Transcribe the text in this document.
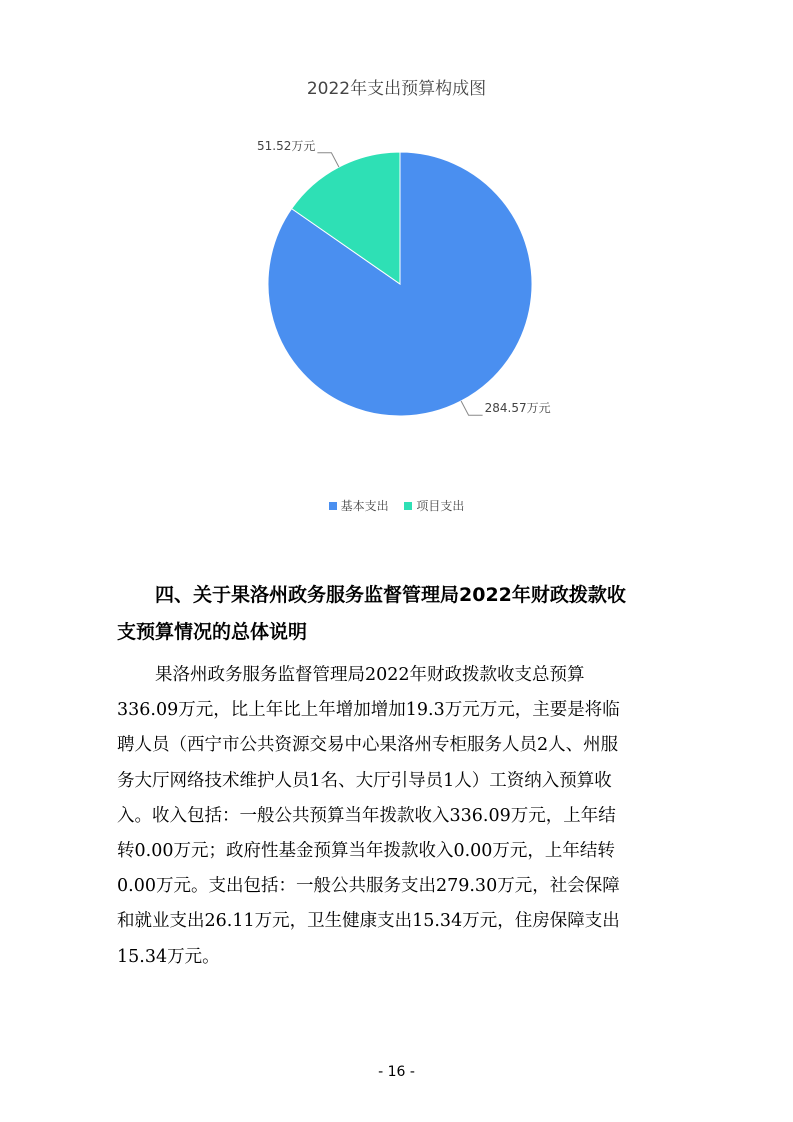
2022年支出预算构成图
284.57万元
51.52万元
基本支出 项目支出
四、关于果洛州政务服务监督管理局2022年财政拨款收
支预算情况的总体说明
果洛州政务服务监督管理局2022年财政拨款收支总预算
336.09万元，比上年比上年增加增加19.3万元万元，主要是将临
聘人员（西宁市公共资源交易中心果洛州专柜服务人员2人、州服
务大厅网络技术维护人员1名、大厅引导员1人）工资纳入预算收
入。收入包括：一般公共预算当年拨款收入336.09万元，上年结
转0.00万元；政府性基金预算当年拨款收入0.00万元，上年结转
0.00万元。支出包括：一般公共服务支出279.30万元，社会保障
和就业支出26.11万元，卫生健康支出15.34万元，住房保障支出
15.34万元。
- 16 -
